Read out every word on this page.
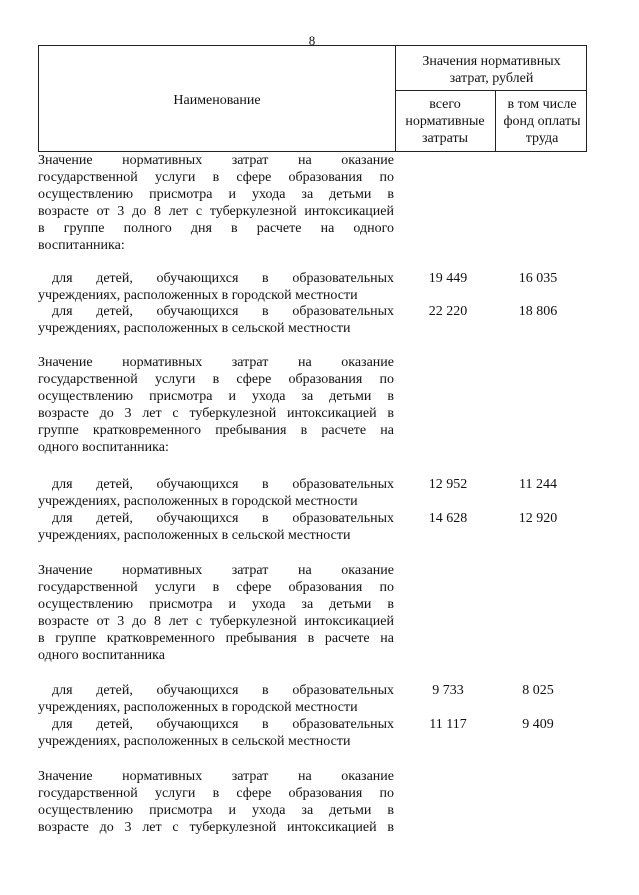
8
Наименование
Значения нормативных
затрат, рублей
всего
нормативные
затраты
в том числе
фонд оплаты
труда
Значение нормативных затрат на оказание
государственной услуги в сфере образования по
осуществлению присмотра и ухода за детьми в
возрасте от 3 до 8 лет с туберкулезной интоксикацией
в группе полного дня в расчете на одного
воспитанника:
для детей, обучающихся в образовательных
учреждениях, расположенных в городской местности
19 449	16 035
для детей, обучающихся в образовательных
учреждениях, расположенных в сельской местности
22 220	18 806
Значение нормативных затрат на оказание
государственной услуги в сфере образования по
осуществлению присмотра и ухода за детьми в
возрасте до 3 лет с туберкулезной интоксикацией в
группе кратковременного пребывания в расчете на
одного воспитанника:
для детей, обучающихся в образовательных
учреждениях, расположенных в городской местности
12 952	11 244
для детей, обучающихся в образовательных
учреждениях, расположенных в сельской местности
14 628	12 920
Значение нормативных затрат на оказание
государственной услуги в сфере образования по
осуществлению присмотра и ухода за детьми в
возрасте от 3 до 8 лет с туберкулезной интоксикацией
в группе кратковременного пребывания в расчете на
одного воспитанника
для детей, обучающихся в образовательных
учреждениях, расположенных в городской местности
9 733	8 025
для детей, обучающихся в образовательных
учреждениях, расположенных в сельской местности
11 117	9 409
Значение нормативных затрат на оказание
государственной услуги в сфере образования по
осуществлению присмотра и ухода за детьми в
возрасте до 3 лет с туберкулезной интоксикацией в
